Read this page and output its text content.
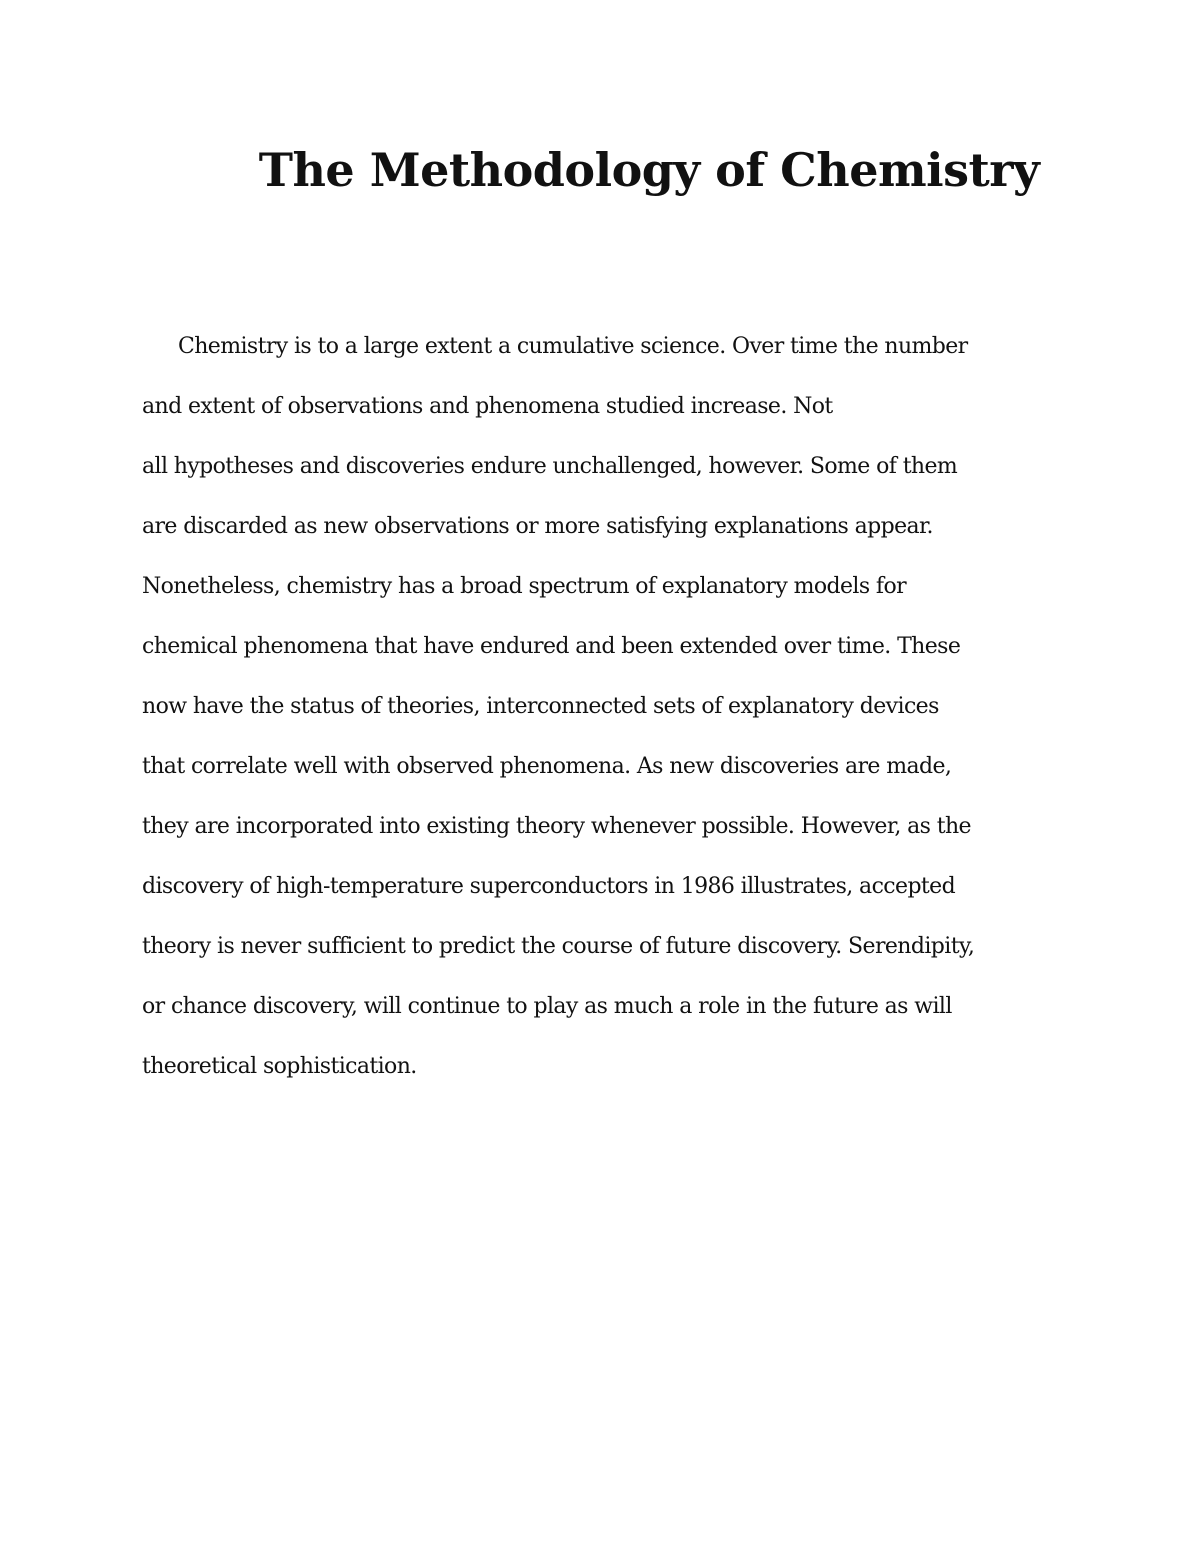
The Methodology of Chemistry
Chemistry is to a large extent a cumulative science. Over time the number
and extent of observations and phenomena studied increase. Not
all hypotheses and discoveries endure unchallenged, however. Some of them
are discarded as new observations or more satisfying explanations appear.
Nonetheless, chemistry has a broad spectrum of explanatory models for
chemical phenomena that have endured and been extended over time. These
now have the status of theories, interconnected sets of explanatory devices
that correlate well with observed phenomena. As new discoveries are made,
they are incorporated into existing theory whenever possible. However, as the
discovery of high-temperature superconductors in 1986 illustrates, accepted
theory is never sufficient to predict the course of future discovery. Serendipity,
or chance discovery, will continue to play as much a role in the future as will
theoretical sophistication.
